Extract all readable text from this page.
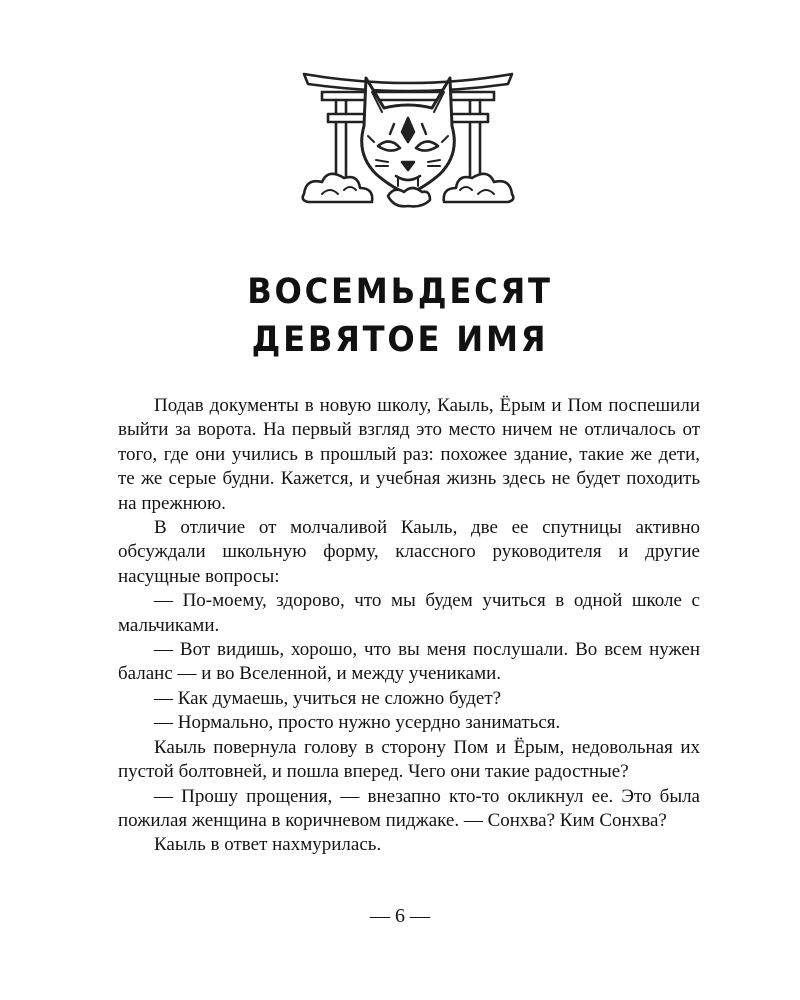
ВОСЕМЬДЕСЯТ
ДЕВЯТОЕ ИМЯ

Подав документы в новую школу, Каыль, Ёрым и Пом поспешили выйти за ворота. На первый взгляд это место ничем не отличалось от того, где они учились в прошлый раз: похожее здание, такие же дети, те же серые будни. Кажется, и учебная жизнь здесь не будет походить на прежнюю.

В отличие от молчаливой Каыль, две ее спутницы активно обсуждали школьную форму, классного руководителя и другие насущные вопросы:

— По-моему, здорово, что мы будем учиться в одной школе с мальчиками.

— Вот видишь, хорошо, что вы меня послушали. Во всем нужен баланс — и во Вселенной, и между учениками.

— Как думаешь, учиться не сложно будет?

— Нормально, просто нужно усердно заниматься.

Каыль повернула голову в сторону Пом и Ёрым, недовольная их пустой болтовней, и пошла вперед. Чего они такие радостные?

— Прошу прощения, — внезапно кто-то окликнул ее. Это была пожилая женщина в коричневом пиджаке. — Сонхва? Ким Сонхва?

Каыль в ответ нахмурилась.

— 6 —
